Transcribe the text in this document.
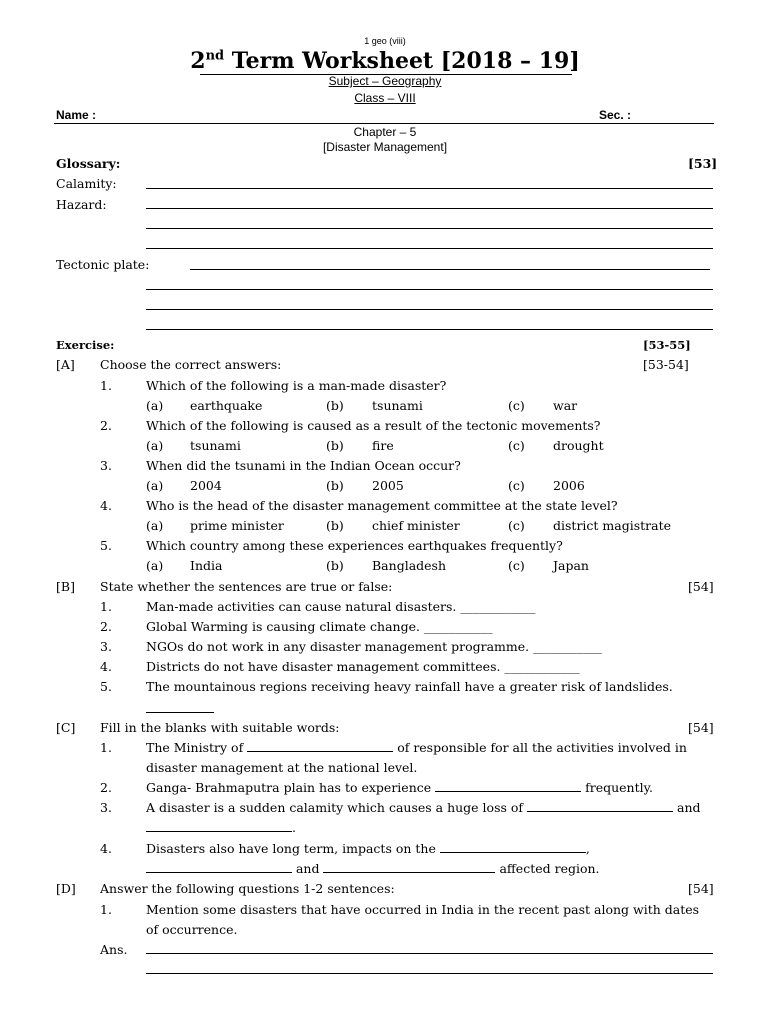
1 geo (viii)
2nd Term Worksheet [2018 – 19]
Subject – Geography
Class – VIII
Name :	Sec. :
Chapter – 5
[Disaster Management]
Glossary:	[53]
Calamity:
Hazard:
Tectonic plate:
Exercise:	[53-55]
[A] Choose the correct answers:	[53-54]
1.	Which of the following is a man-made disaster?
(a) earthquake	(b) tsunami	(c) war
2.	Which of the following is caused as a result of the tectonic movements?
(a) tsunami	(b) fire	(c) drought
3.	When did the tsunami in the Indian Ocean occur?
(a) 2004	(b) 2005	(c) 2006
4.	Who is the head of the disaster management committee at the state level?
(a) prime minister	(b) chief minister	(c) district magistrate
5.	Which country among these experiences earthquakes frequently?
(a) India	(b) Bangladesh	(c) Japan
[B] State whether the sentences are true or false:	[54]
1.	Man-made activities can cause natural disasters. ____________
2.	Global Warming is causing climate change. ___________
3.	NGOs do not work in any disaster management programme. ___________
4.	Districts do not have disaster management committees. ____________
5.	The mountainous regions receiving heavy rainfall have a greater risk of landslides.
[C] Fill in the blanks with suitable words:	[54]
1.	The Ministry of	of responsible for all the activities involved in
disaster management at the national level.
2.	Ganga- Brahmaputra plain has to experience	frequently.
3.	A disaster is a sudden calamity which causes a huge loss of	and
.
4.	Disasters also have long term, impacts on the	,
and	affected region.
[D] Answer the following questions 1-2 sentences:	[54]
1.	Mention some disasters that have occurred in India in the recent past along with dates
of occurrence.
Ans.
